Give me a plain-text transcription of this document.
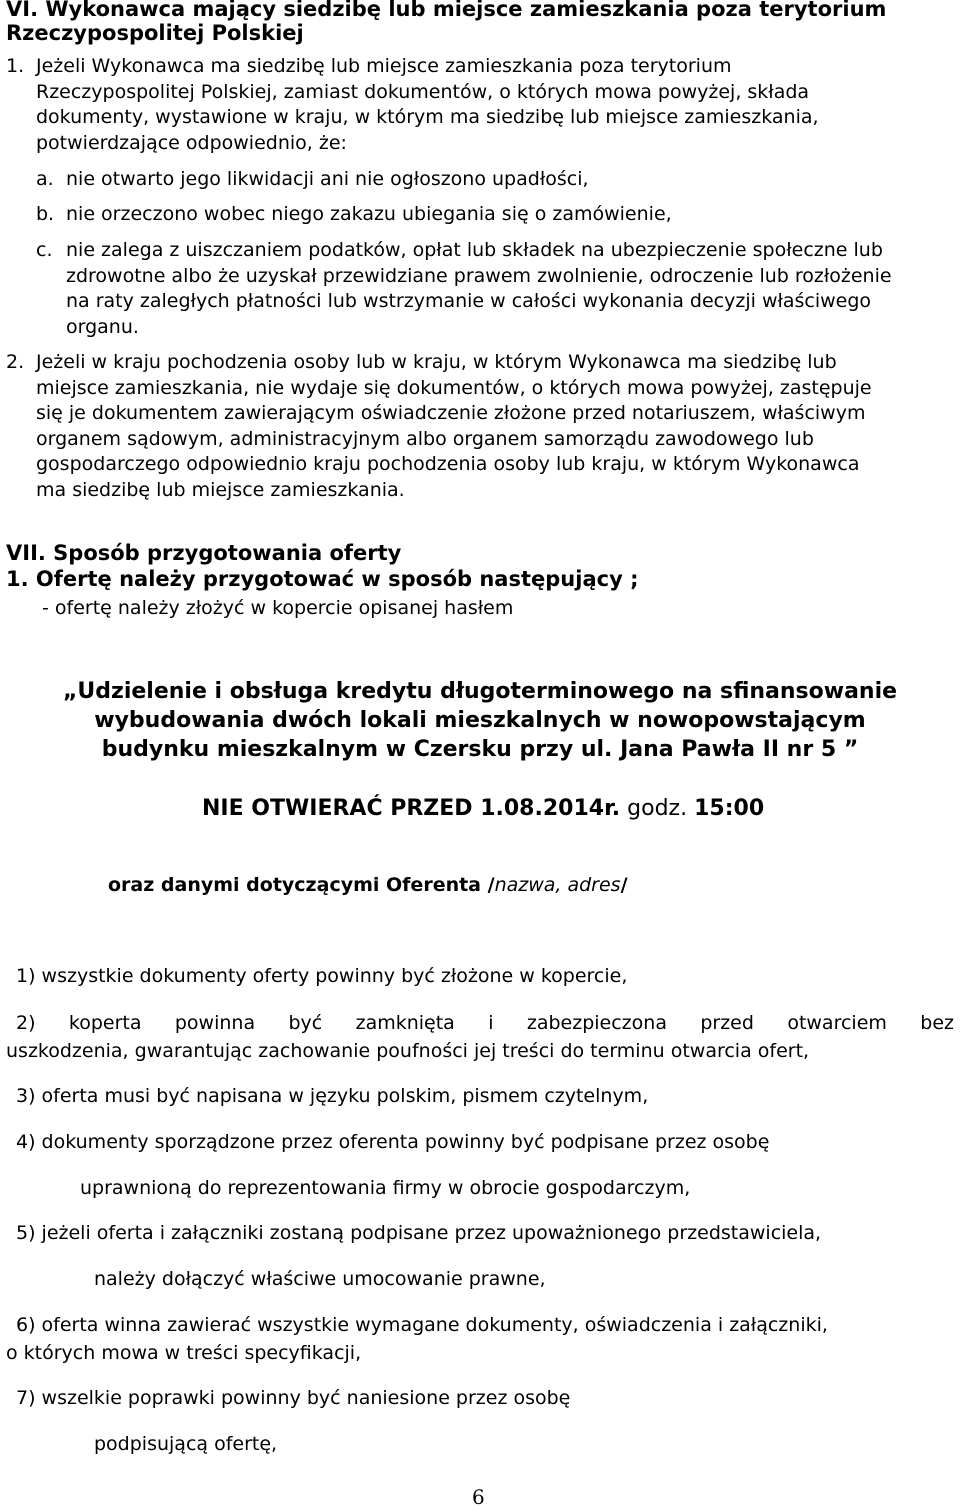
VI. Wykonawca mający siedzibę lub miejsce zamieszkania poza terytorium
Rzeczypospolitej Polskiej
1. Jeżeli Wykonawca ma siedzibę lub miejsce zamieszkania poza terytorium
Rzeczypospolitej Polskiej, zamiast dokumentów, o których mowa powyżej, składa
dokumenty, wystawione w kraju, w którym ma siedzibę lub miejsce zamieszkania,
potwierdzające odpowiednio, że:
a. nie otwarto jego likwidacji ani nie ogłoszono upadłości,
b. nie orzeczono wobec niego zakazu ubiegania się o zamówienie,
c. nie zalega z uiszczaniem podatków, opłat lub składek na ubezpieczenie społeczne lub
zdrowotne albo że uzyskał przewidziane prawem zwolnienie, odroczenie lub rozłożenie
na raty zaległych płatności lub wstrzymanie w całości wykonania decyzji właściwego
organu.
2. Jeżeli w kraju pochodzenia osoby lub w kraju, w którym Wykonawca ma siedzibę lub
miejsce zamieszkania, nie wydaje się dokumentów, o których mowa powyżej, zastępuje
się je dokumentem zawierającym oświadczenie złożone przed notariuszem, właściwym
organem sądowym, administracyjnym albo organem samorządu zawodowego lub
gospodarczego odpowiednio kraju pochodzenia osoby lub kraju, w którym Wykonawca
ma siedzibę lub miejsce zamieszkania.
VII. Sposób przygotowania oferty
1. Ofertę należy przygotować w sposób następujący ;
- ofertę należy złożyć w kopercie opisanej hasłem
„Udzielenie i obsługa kredytu długoterminowego na sfinansowanie
wybudowania dwóch lokali mieszkalnych w nowopowstającym
budynku mieszkalnym w Czersku przy ul. Jana Pawła II nr 5 ”
NIE OTWIERAĆ PRZED 1.08.2014r. godz. 15:00
oraz danymi dotyczącymi Oferenta /nazwa, adres/
1) wszystkie dokumenty oferty powinny być złożone w kopercie,
2) koperta powinna być zamknięta i zabezpieczona przed otwarciem bez
uszkodzenia, gwarantując zachowanie poufności jej treści do terminu otwarcia ofert,
3) oferta musi być napisana w języku polskim, pismem czytelnym,
4) dokumenty sporządzone przez oferenta powinny być podpisane przez osobę
uprawnioną do reprezentowania firmy w obrocie gospodarczym,
5) jeżeli oferta i załączniki zostaną podpisane przez upoważnionego przedstawiciela,
należy dołączyć właściwe umocowanie prawne,
6) oferta winna zawierać wszystkie wymagane dokumenty, oświadczenia i załączniki,
o których mowa w treści specyfikacji,
7) wszelkie poprawki powinny być naniesione przez osobę
podpisującą ofertę,
6
